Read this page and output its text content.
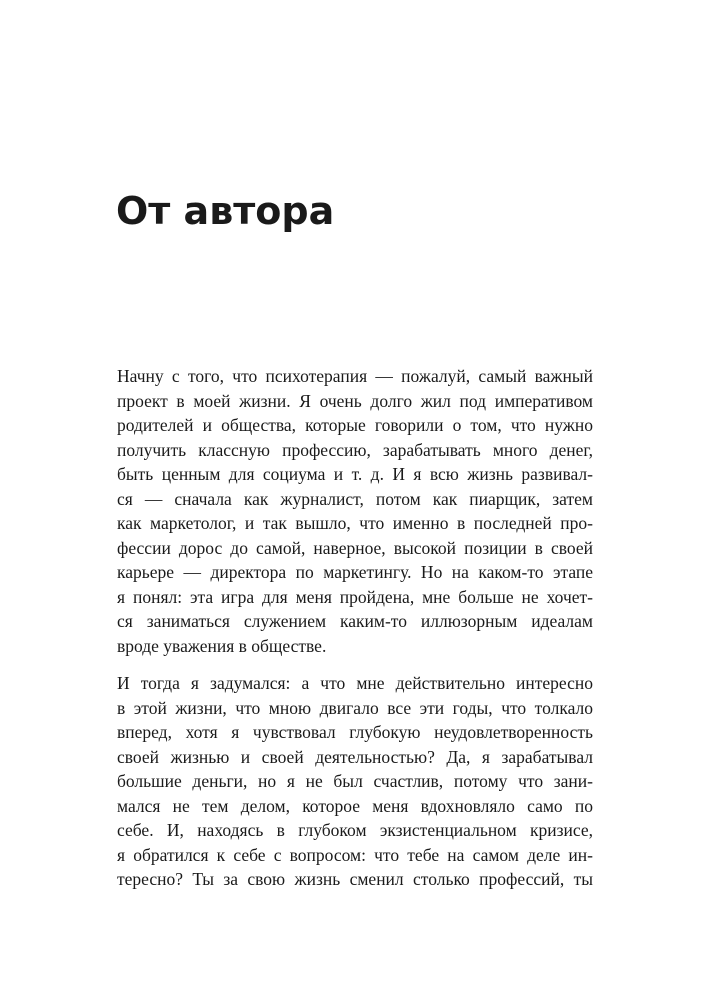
От автора

Начну с того, что психотерапия — пожалуй, самый важный
проект в моей жизни. Я очень долго жил под императивом
родителей и общества, которые говорили о том, что нужно
получить классную профессию, зарабатывать много денег,
быть ценным для социума и т. д. И я всю жизнь развивал-
ся — сначала как журналист, потом как пиарщик, затем
как маркетолог, и так вышло, что именно в последней про-
фессии дорос до самой, наверное, высокой позиции в своей
карьере — директора по маркетингу. Но на каком-то этапе
я понял: эта игра для меня пройдена, мне больше не хочет-
ся заниматься служением каким-то иллюзорным идеалам
вроде уважения в обществе.

И тогда я задумался: а что мне действительно интересно
в этой жизни, что мною двигало все эти годы, что толкало
вперед, хотя я чувствовал глубокую неудовлетворенность
своей жизнью и своей деятельностью? Да, я зарабатывал
большие деньги, но я не был счастлив, потому что зани-
мался не тем делом, которое меня вдохновляло само по
себе. И, находясь в глубоком экзистенциальном кризисе,
я обратился к себе с вопросом: что тебе на самом деле ин-
тересно? Ты за свою жизнь сменил столько профессий, ты
